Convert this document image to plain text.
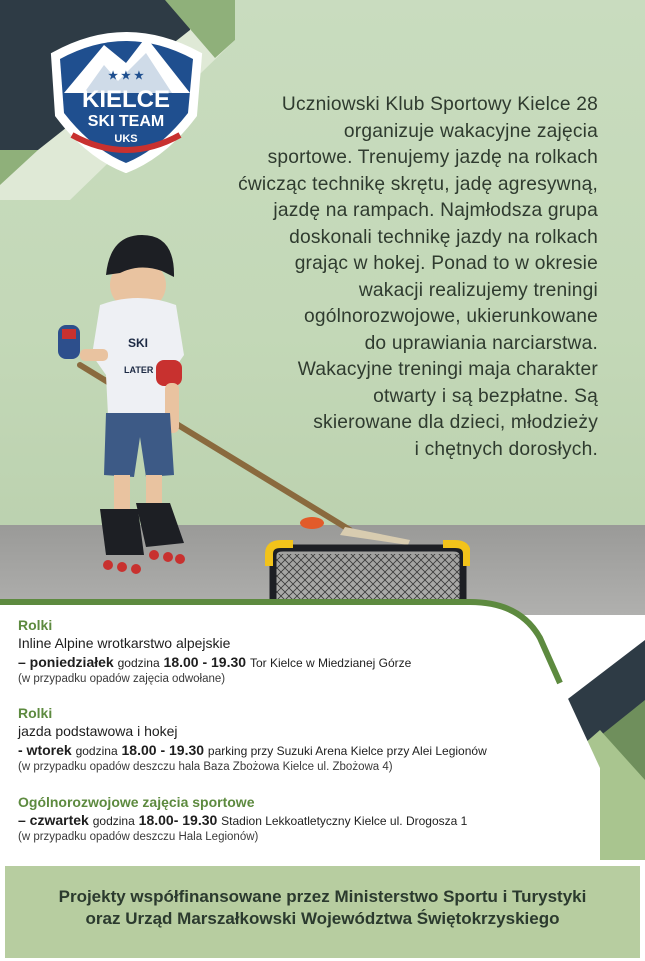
★ ★ ★
KIELCE
SKI TEAM
UKS
SKI
LATER
Uczniowski Klub Sportowy Kielce 28
organizuje wakacyjne zajęcia
sportowe. Trenujemy jazdę na rolkach
ćwicząc technikę skrętu, jadę agresywną,
jazdę na rampach. Najmłodsza grupa
doskonali technikę jazdy na rolkach
grając w hokej. Ponad to w okresie
wakacji realizujemy treningi
ogólnorozwojowe, ukierunkowane
do uprawiania narciarstwa.
Wakacyjne treningi maja charakter
otwarty i są bezpłatne. Są
skierowane dla dzieci, młodzieży
i chętnych dorosłych.
Rolki
Inline Alpine wrotkarstwo alpejskie
– poniedziałek godzina 18.00 - 19.30 Tor Kielce w Miedzianej Górze
(w przypadku opadów zajęcia odwołane)
Rolki
jazda podstawowa i hokej
- wtorek godzina 18.00 - 19.30 parking przy Suzuki Arena Kielce przy Alei Legionów
(w przypadku opadów deszczu hala Baza Zbożowa Kielce ul. Zbożowa 4)
Ogólnorozwojowe zajęcia sportowe
– czwartek godzina 18.00- 19.30 Stadion Lekkoatletyczny Kielce ul. Drogosza 1
(w przypadku opadów deszczu Hala Legionów)
Projekty współfinansowane przez Ministerstwo Sportu i Turystyki
oraz Urząd Marszałkowski Województwa Świętokrzyskiego
